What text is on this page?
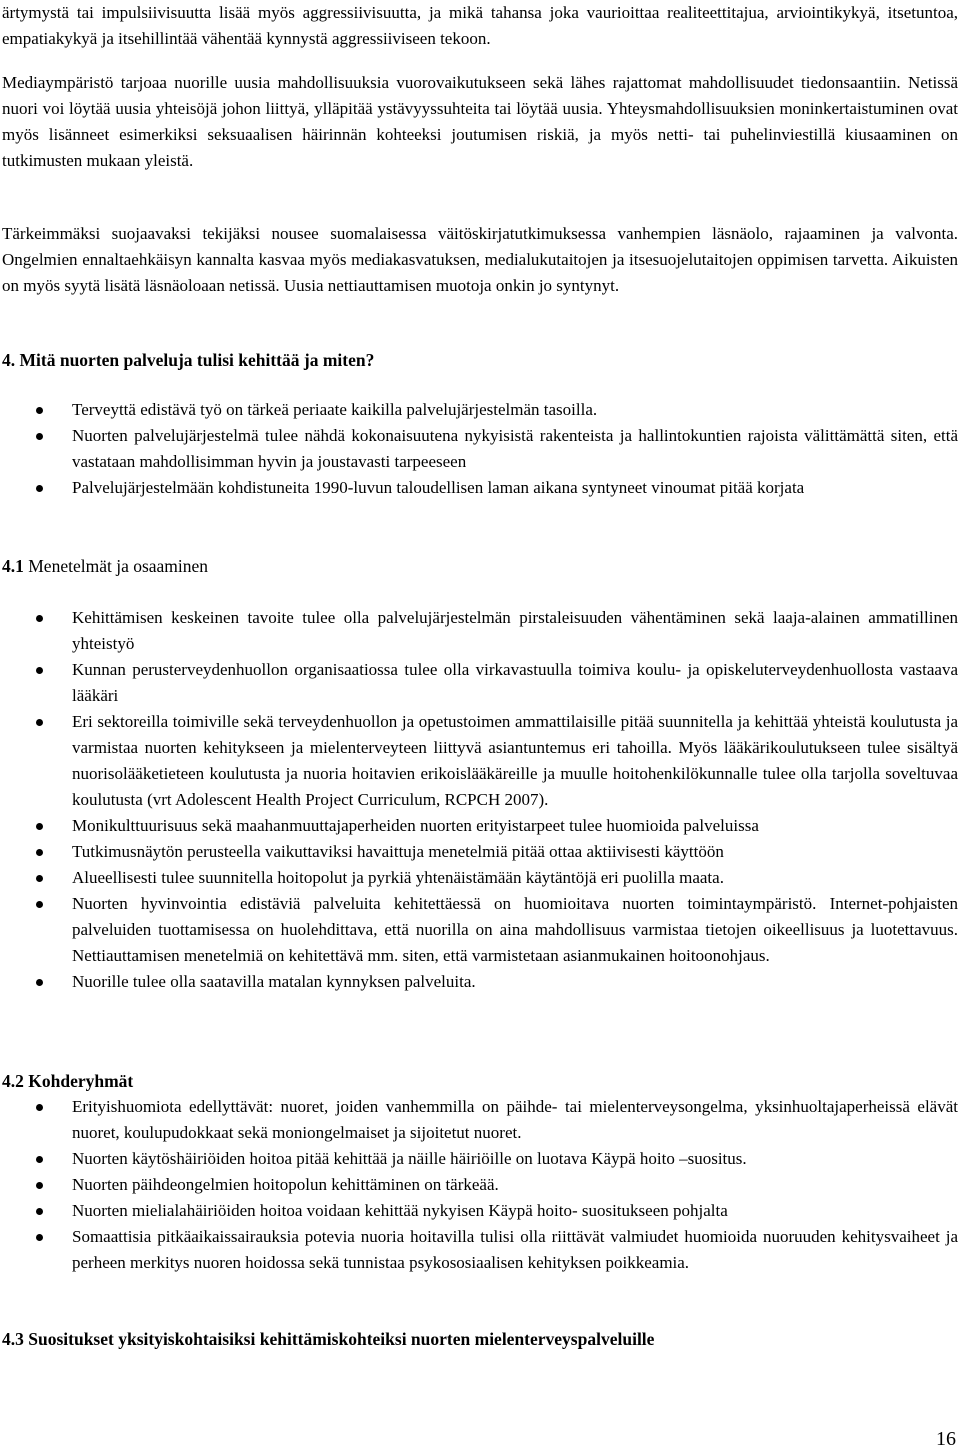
ärtymystä tai impulsiivisuutta lisää myös aggressiivisuutta, ja mikä tahansa joka vaurioittaa realiteettitajua, arviointikykyä, itsetuntoa, empatiakykyä ja itsehillintää vähentää kynnystä aggressiiviseen tekoon.

Mediaympäristö tarjoaa nuorille uusia mahdollisuuksia vuorovaikutukseen sekä lähes rajattomat mahdollisuudet tiedonsaantiin. Netissä nuori voi löytää uusia yhteisöjä johon liittyä, ylläpitää ystävyyssuhteita tai löytää uusia. Yhteysmahdollisuuksien moninkertaistuminen ovat myös lisänneet esimerkiksi seksuaalisen häirinnän kohteeksi joutumisen riskiä, ja myös netti- tai puhelinviestillä kiusaaminen on tutkimusten mukaan yleistä.

Tärkeimmäksi suojaavaksi tekijäksi nousee suomalaisessa väitöskirjatutkimuksessa vanhempien läsnäolo, rajaaminen ja valvonta. Ongelmien ennaltaehkäisyn kannalta kasvaa myös mediakasvatuksen, medialukutaitojen ja itsesuojelutaitojen oppimisen tarvetta. Aikuisten on myös syytä lisätä läsnäoloaan netissä. Uusia nettiauttamisen muotoja onkin jo syntynyt.

4. Mitä nuorten palveluja tulisi kehittää ja miten?
Terveyttä edistävä työ on tärkeä periaate kaikilla palvelujärjestelmän tasoilla.
Nuorten palvelujärjestelmä tulee nähdä kokonaisuutena nykyisistä rakenteista ja hallintokuntien rajoista välittämättä siten, että vastataan mahdollisimman hyvin ja joustavasti tarpeeseen
Palvelujärjestelmään kohdistuneita 1990-luvun taloudellisen laman aikana syntyneet vinoumat pitää korjata
4.1 Menetelmät ja osaaminen
Kehittämisen keskeinen tavoite tulee olla palvelujärjestelmän pirstaleisuuden vähentäminen sekä laaja-alainen ammatillinen yhteistyö
Kunnan perusterveydenhuollon organisaatiossa tulee olla virkavastuulla toimiva koulu- ja opiskeluterveydenhuollosta vastaava lääkäri
Eri sektoreilla toimiville sekä terveydenhuollon ja opetustoimen ammattilaisille pitää suunnitella ja kehittää yhteistä koulutusta ja varmistaa nuorten kehitykseen ja mielenterveyteen liittyvä asiantuntemus eri tahoilla. Myös lääkärikoulutukseen tulee sisältyä nuorisolääketieteen koulutusta ja nuoria hoitavien erikoislääkäreille ja muulle hoitohenkilökunnalle tulee olla tarjolla soveltuvaa koulutusta (vrt Adolescent Health Project Curriculum, RCPCH 2007).
Monikulttuurisuus sekä maahanmuuttajaperheiden nuorten erityistarpeet tulee huomioida palveluissa
Tutkimusnäytön perusteella vaikuttaviksi havaittuja menetelmiä pitää ottaa aktiivisesti käyttöön
Alueellisesti tulee suunnitella hoitopolut ja pyrkiä yhtenäistämään käytäntöjä eri puolilla maata.
Nuorten hyvinvointia edistäviä palveluita kehitettäessä on huomioitava nuorten toimintaympäristö. Internet-pohjaisten palveluiden tuottamisessa on huolehdittava, että nuorilla on aina mahdollisuus varmistaa tietojen oikeellisuus ja luotettavuus. Nettiauttamisen menetelmiä on kehitettävä mm. siten, että varmistetaan asianmukainen hoitoonohjaus.
Nuorille tulee olla saatavilla matalan kynnyksen palveluita.
4.2 Kohderyhmät
Erityishuomiota edellyttävät: nuoret, joiden vanhemmilla on päihde- tai mielenterveysongelma, yksinhuoltajaperheissä elävät nuoret, koulupudokkaat sekä moniongelmaiset ja sijoitetut nuoret.
Nuorten käytöshäiriöiden hoitoa pitää kehittää ja näille häiriöille on luotava Käypä hoito –suositus.
Nuorten päihdeongelmien hoitopolun kehittäminen on tärkeää.
Nuorten mielialahäiriöiden hoitoa voidaan kehittää nykyisen Käypä hoito- suositukseen pohjalta
Somaattisia pitkäaikaissairauksia potevia nuoria hoitavilla tulisi olla riittävät valmiudet huomioida nuoruuden kehitysvaiheet ja perheen merkitys nuoren hoidossa sekä tunnistaa psykososiaalisen kehityksen poikkeamia.
4.3 Suositukset yksityiskohtaisiksi kehittämiskohteiksi nuorten mielenterveyspalveluille
16
